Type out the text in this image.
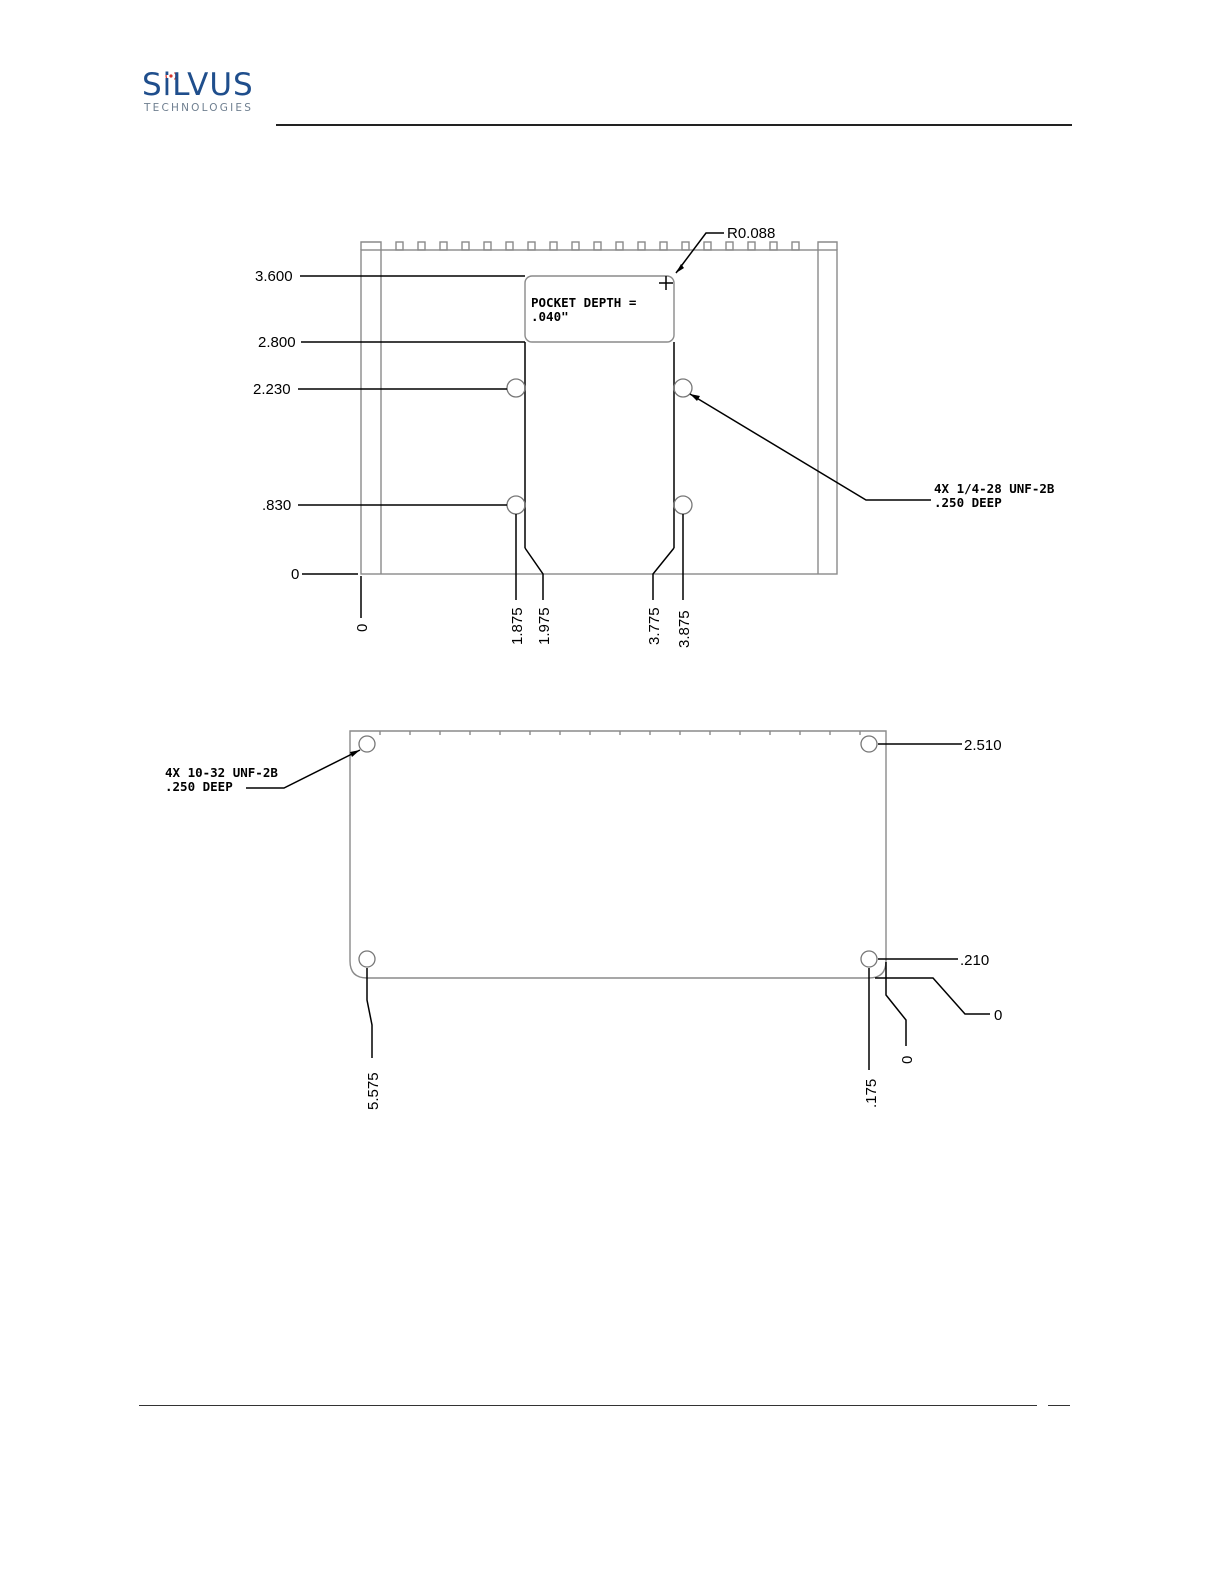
SiLVUS
TECHNOLOGIES
R0.088
POCKET DEPTH =
.040"
3.600
2.800
2.230
.830
0
0	1.875 1.975	3.775 3.875
4X 1/4-28 UNF-2B
.250 DEEP
4X 10-32 UNF-2B
.250 DEEP
2.510
.210
0
5.575	.175
0
